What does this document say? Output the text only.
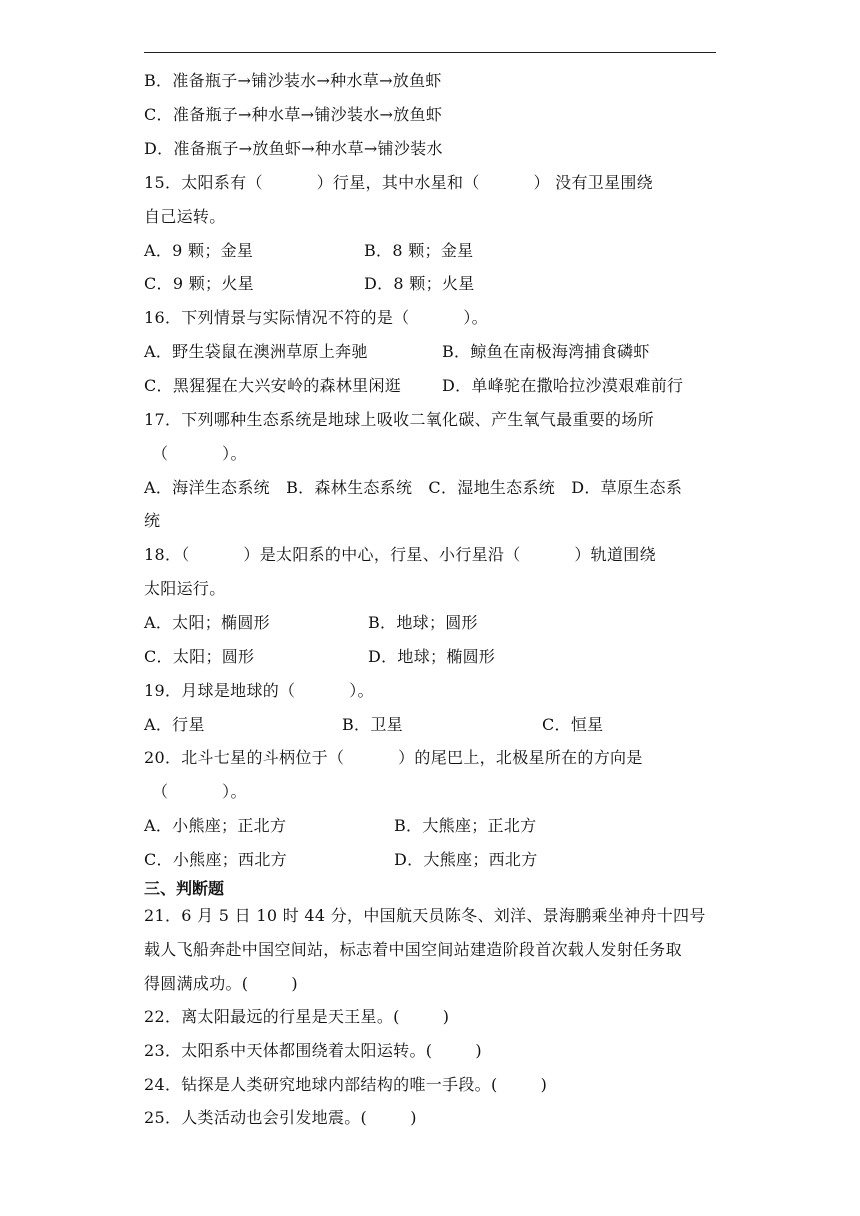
B．准备瓶子→铺沙装水→种水草→放鱼虾
C．准备瓶子→种水草→铺沙装水→放鱼虾
D．准备瓶子→放鱼虾→种水草→铺沙装水
15．太阳系有（          ）行星，其中水星和（          ） 没有卫星围绕
自己运转。
A．9 颗；金星	B．8 颗；金星
C．9 颗；火星	D．8 颗；火星
16．下列情景与实际情况不符的是（          ）。
A．野生袋鼠在澳洲草原上奔驰	B．鲸鱼在南极海湾捕食磷虾
C．黑猩猩在大兴安岭的森林里闲逛	D．单峰驼在撒哈拉沙漠艰难前行
17．下列哪种生态系统是地球上吸收二氧化碳、产生氧气最重要的场所
（          ）。
A．海洋生态系统   B．森林生态系统   C．湿地生态系统   D．草原生态系
统
18．（          ）是太阳系的中心，行星、小行星沿（          ）轨道围绕
太阳运行。
A．太阳；椭圆形	B．地球；圆形
C．太阳；圆形	D．地球；椭圆形
19．月球是地球的（          ）。
A．行星	B．卫星	C．恒星
20．北斗七星的斗柄位于（          ）的尾巴上，北极星所在的方向是
（          ）。
A．小熊座；正北方	B．大熊座；正北方
C．小熊座；西北方	D．大熊座；西北方
三、判断题
21．6 月 5 日 10 时 44 分，中国航天员陈冬、刘洋、景海鹏乘坐神舟十四号
载人飞船奔赴中国空间站，标志着中国空间站建造阶段首次载人发射任务取
得圆满成功。(        )
22．离太阳最远的行星是天王星。(        )
23．太阳系中天体都围绕着太阳运转。(        )
24．钻探是人类研究地球内部结构的唯一手段。(        )
25．人类活动也会引发地震。(        )
